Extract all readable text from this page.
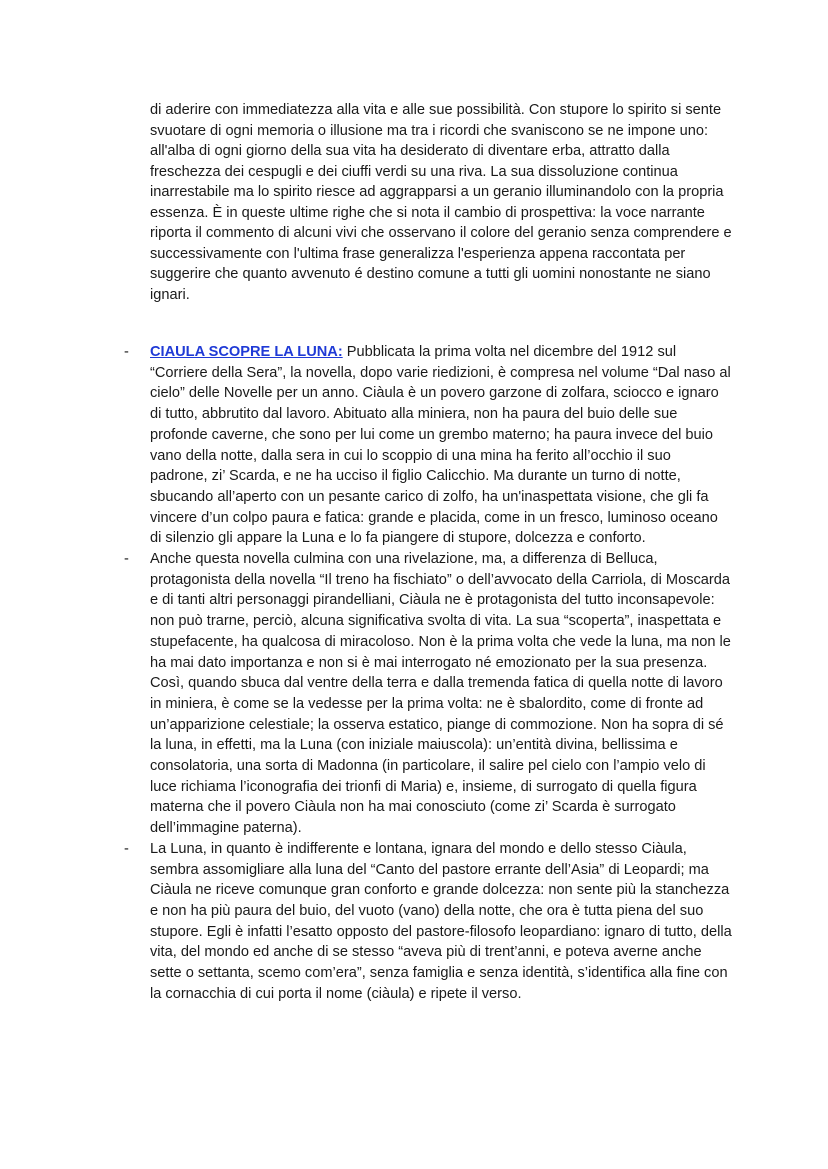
di aderire con immediatezza alla vita e alle sue possibilità. Con stupore lo spirito si sente svuotare di ogni memoria o illusione ma tra i ricordi che svaniscono se ne impone uno: all'alba di ogni giorno della sua vita ha desiderato di diventare erba, attratto dalla freschezza dei cespugli e dei ciuffi verdi su una riva. La sua dissoluzione continua inarrestabile ma lo spirito riesce ad aggrapparsi a un geranio illuminandolo con la propria essenza. È in queste ultime righe che si nota il cambio di prospettiva: la voce narrante riporta il commento di alcuni vivi che osservano il colore del geranio senza comprendere e successivamente con l'ultima frase generalizza l'esperienza appena raccontata per suggerire che quanto avvenuto é destino comune a tutti gli uomini nonostante ne siano ignari.

-	CIAULA SCOPRE LA LUNA: Pubblicata la prima volta nel dicembre del 1912 sul “Corriere della Sera”, la novella, dopo varie riedizioni, è compresa nel volume “Dal naso al cielo” delle Novelle per un anno. Ciàula è un povero garzone di zolfara, sciocco e ignaro di tutto, abbrutito dal lavoro. Abituato alla miniera, non ha paura del buio delle sue profonde caverne, che sono per lui come un grembo materno; ha paura invece del buio vano della notte, dalla sera in cui lo scoppio di una mina ha ferito all’occhio il suo padrone, zi’ Scarda, e ne ha ucciso il figlio Calicchio. Ma durante un turno di notte, sbucando all’aperto con un pesante carico di zolfo, ha un'inaspettata visione, che gli fa vincere d’un colpo paura e fatica: grande e placida, come in un fresco, luminoso oceano di silenzio gli appare la Luna e lo fa piangere di stupore, dolcezza e conforto.
-	Anche questa novella culmina con una rivelazione, ma, a differenza di Belluca, protagonista della novella “Il treno ha fischiato” o dell’avvocato della Carriola, di Moscarda e di tanti altri personaggi pirandelliani, Ciàula ne è protagonista del tutto inconsapevole: non può trarne, perciò, alcuna significativa svolta di vita. La sua “scoperta”, inaspettata e stupefacente, ha qualcosa di miracoloso. Non è la prima volta che vede la luna, ma non le ha mai dato importanza e non si è mai interrogato né emozionato per la sua presenza. Così, quando sbuca dal ventre della terra e dalla tremenda fatica di quella notte di lavoro in miniera, è come se la vedesse per la prima volta: ne è sbalordito, come di fronte ad un’apparizione celestiale; la osserva estatico, piange di commozione. Non ha sopra di sé la luna, in effetti, ma la Luna (con iniziale maiuscola): un’entità divina, bellissima e consolatoria, una sorta di Madonna (in particolare, il salire pel cielo con l’ampio velo di luce richiama l’iconografia dei trionfi di Maria) e, insieme, di surrogato di quella figura materna che il povero Ciàula non ha mai conosciuto (come zi’ Scarda è surrogato dell’immagine paterna).
-	La Luna, in quanto è indifferente e lontana, ignara del mondo e dello stesso Ciàula, sembra assomigliare alla luna del “Canto del pastore errante dell’Asia” di Leopardi; ma Ciàula ne riceve comunque gran conforto e grande dolcezza: non sente più la stanchezza e non ha più paura del buio, del vuoto (vano) della notte, che ora è tutta piena del suo stupore. Egli è infatti l’esatto opposto del pastore-filosofo leopardiano: ignaro di tutto, della vita, del mondo ed anche di se stesso “aveva più di trent’anni, e poteva averne anche sette o settanta, scemo com’era”, senza famiglia e senza identità, s’identifica alla fine con la cornacchia di cui porta il nome (ciàula) e ripete il verso.
